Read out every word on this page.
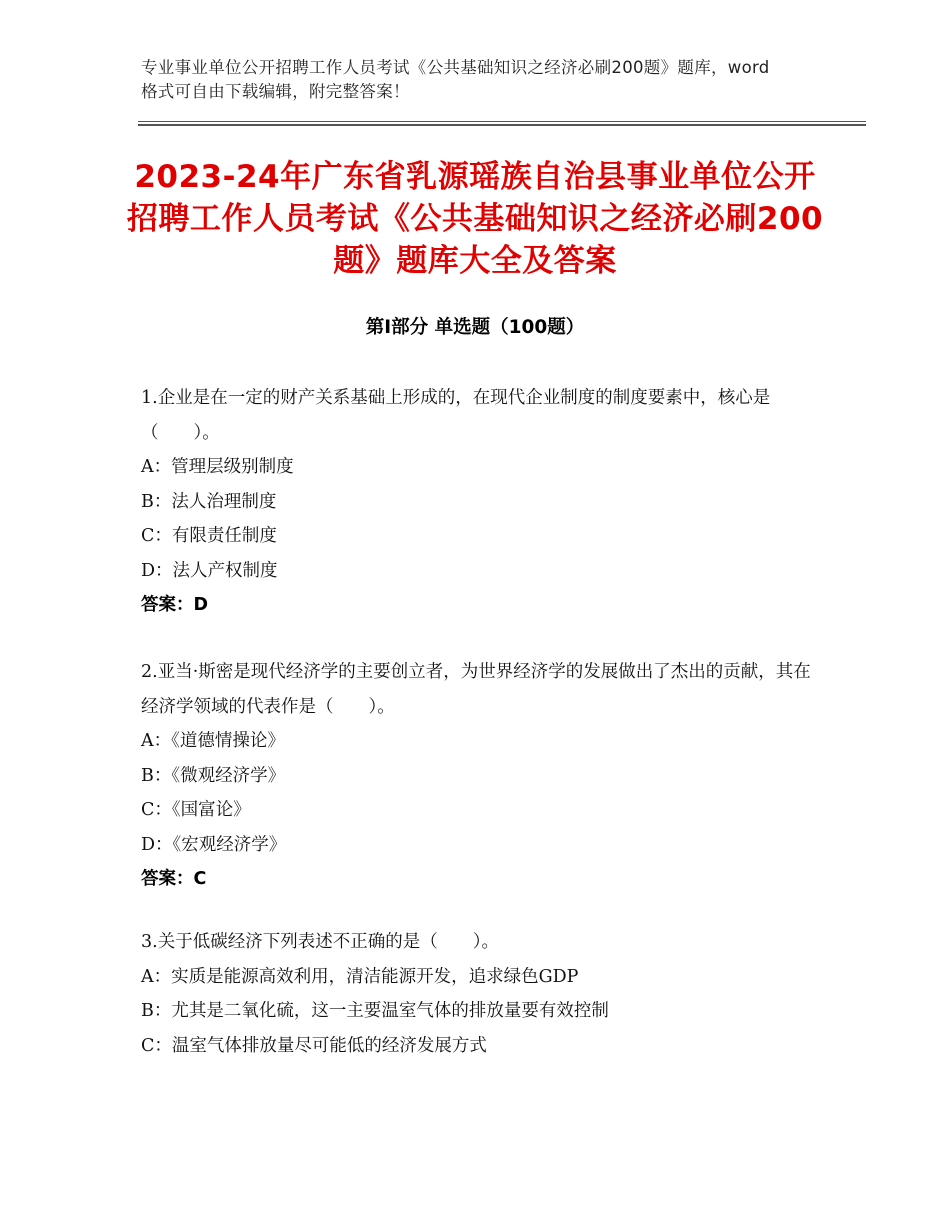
专业事业单位公开招聘工作人员考试《公共基础知识之经济必刷200题》题库，word格式可自由下载编辑，附完整答案！
2023-24年广东省乳源瑶族自治县事业单位公开招聘工作人员考试《公共基础知识之经济必刷200题》题库大全及答案
第Ⅰ部分 单选题（100题）

1.企业是在一定的财产关系基础上形成的，在现代企业制度的制度要素中，核心是（　　）。

A：管理层级别制度

B：法人治理制度

C：有限责任制度

D：法人产权制度

答案：D

2.亚当·斯密是现代经济学的主要创立者，为世界经济学的发展做出了杰出的贡献，其在经济学领域的代表作是（　　）。

A：《道德情操论》

B：《微观经济学》

C：《国富论》

D：《宏观经济学》

答案：C

3.关于低碳经济下列表述不正确的是（　　）。

A：实质是能源高效利用，清洁能源开发，追求绿色GDP

B：尤其是二氧化硫，这一主要温室气体的排放量要有效控制

C：温室气体排放量尽可能低的经济发展方式
